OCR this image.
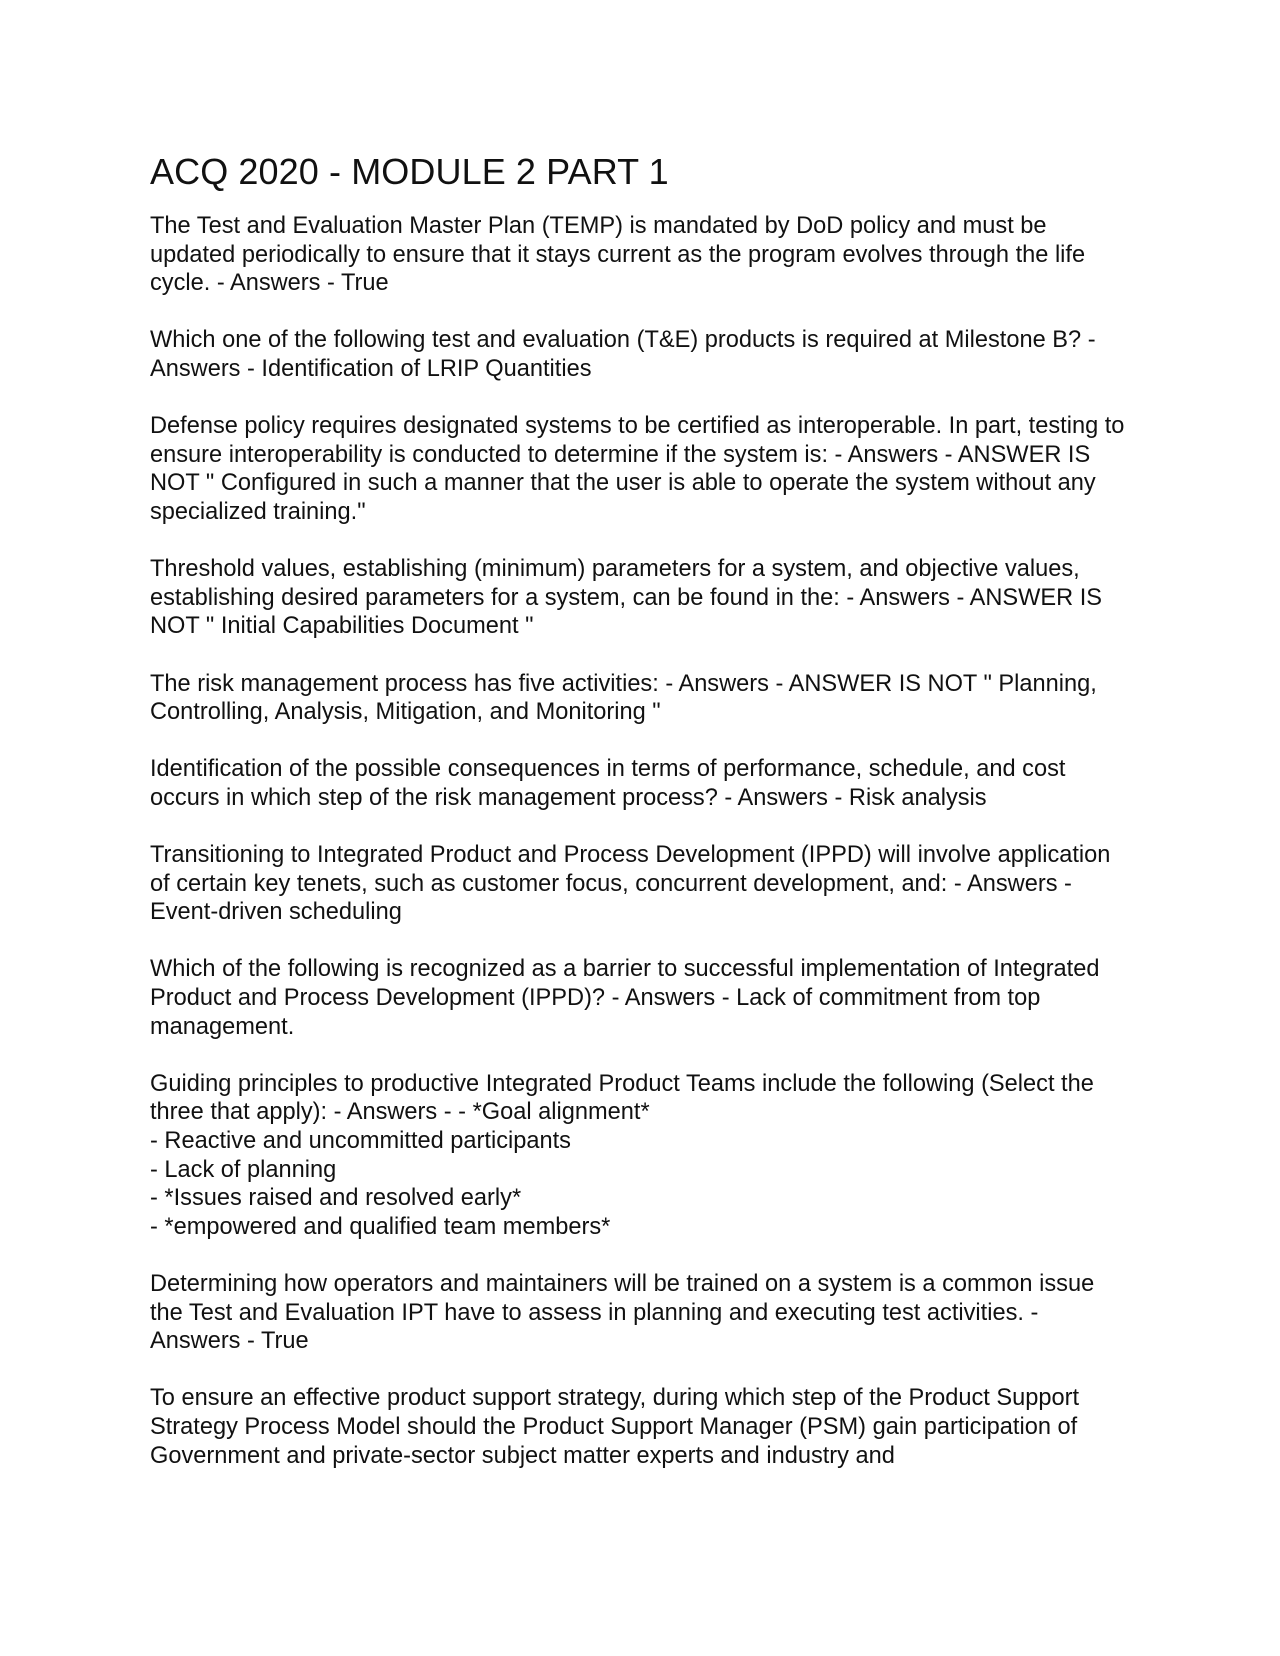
ACQ 2020 - MODULE 2 PART 1

The Test and Evaluation Master Plan (TEMP) is mandated by DoD policy and must be updated periodically to ensure that it stays current as the program evolves through the life cycle. - Answers - True

Which one of the following test and evaluation (T&E) products is required at Milestone B? - Answers - Identification of LRIP Quantities

Defense policy requires designated systems to be certified as interoperable. In part, testing to ensure interoperability is conducted to determine if the system is: - Answers - ANSWER IS NOT " Configured in such a manner that the user is able to operate the system without any specialized training."

Threshold values, establishing (minimum) parameters for a system, and objective values, establishing desired parameters for a system, can be found in the: - Answers - ANSWER IS NOT " Initial Capabilities Document "

The risk management process has five activities: - Answers - ANSWER IS NOT " Planning, Controlling, Analysis, Mitigation, and Monitoring "

Identification of the possible consequences in terms of performance, schedule, and cost occurs in which step of the risk management process? - Answers - Risk analysis

Transitioning to Integrated Product and Process Development (IPPD) will involve application of certain key tenets, such as customer focus, concurrent development, and: - Answers - Event-driven scheduling

Which of the following is recognized as a barrier to successful implementation of Integrated Product and Process Development (IPPD)? - Answers - Lack of commitment from top management.

Guiding principles to productive Integrated Product Teams include the following (Select the three that apply): - Answers - - *Goal alignment*

- Reactive and uncommitted participants
- Lack of planning
- *Issues raised and resolved early*
- *empowered and qualified team members*

Determining how operators and maintainers will be trained on a system is a common issue the Test and Evaluation IPT have to assess in planning and executing test activities. - Answers - True

To ensure an effective product support strategy, during which step of the Product Support Strategy Process Model should the Product Support Manager (PSM) gain participation of Government and private-sector subject matter experts and industry and
